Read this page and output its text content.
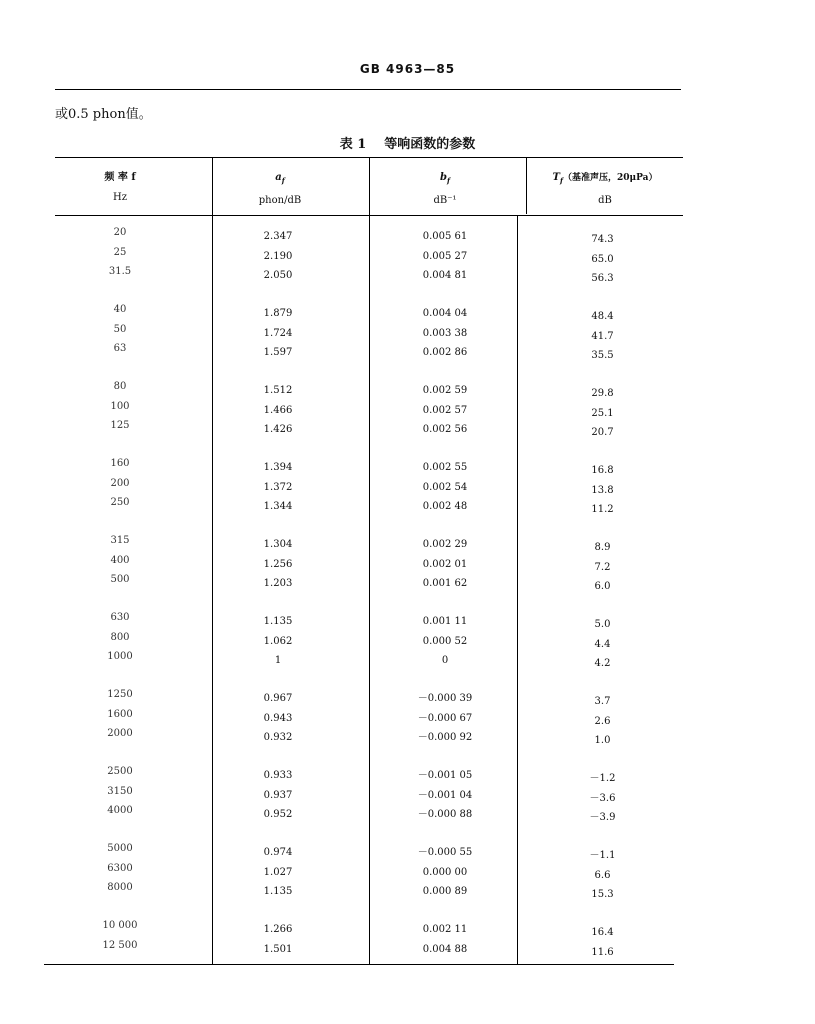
GB 4963—85
或0.5 phon值。
表 1 等响函数的参数
频 率 f
Hz
$a_f$
phon/dB
$b_f$
dB⁻¹
$T_f$（基准声压，20μPa）
dB
20	2.347	0.005 61	74.3
25	2.190	0.005 27	65.0
31.5	2.050	0.004 81	56.3
40	1.879	0.004 04	48.4
50	1.724	0.003 38	41.7
63	1.597	0.002 86	35.5
80	1.512	0.002 59	29.8
100	1.466	0.002 57	25.1
125	1.426	0.002 56	20.7
160	1.394	0.002 55	16.8
200	1.372	0.002 54	13.8
250	1.344	0.002 48	11.2
315	1.304	0.002 29	8.9
400	1.256	0.002 01	7.2
500	1.203	0.001 62	6.0
630	1.135	0.001 11	5.0
800	1.062	0.000 52	4.4
1000	1	0	4.2
1250	0.967	－0.000 39	3.7
1600	0.943	－0.000 67	2.6
2000	0.932	－0.000 92	1.0
2500	0.933	－0.001 05	－1.2
3150	0.937	－0.001 04	－3.6
4000	0.952	－0.000 88	－3.9
5000	0.974	－0.000 55	－1.1
6300	1.027	0.000 00	6.6
8000	1.135	0.000 89	15.3
10 000	1.266	0.002 11	16.4
12 500	1.501	0.004 88	11.6
